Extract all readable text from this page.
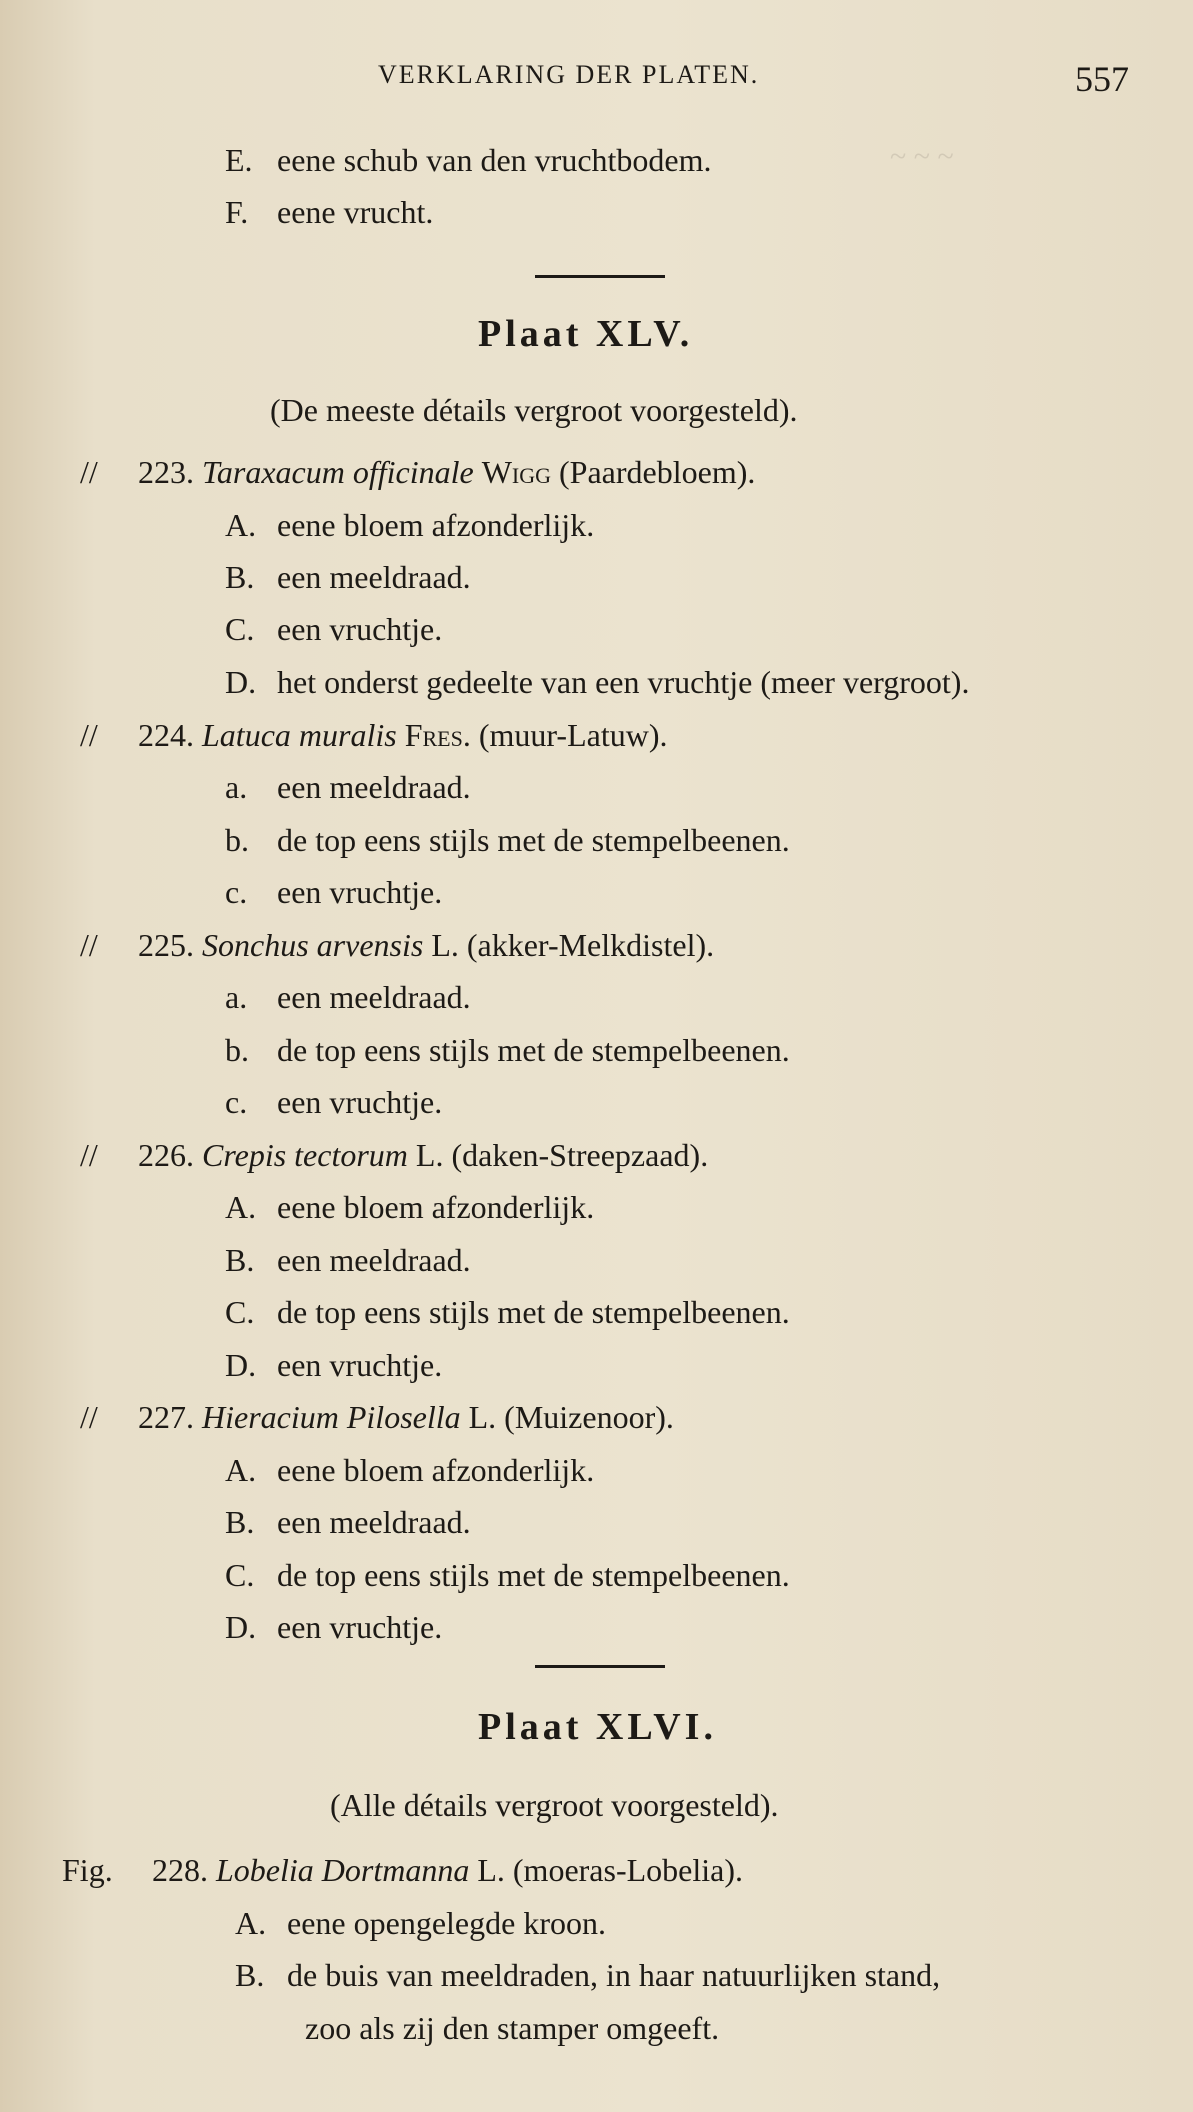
~ ~ ~
VERKLARING DER PLATEN.	557
E. eene schub van den vruchtbodem.
F. eene vrucht.
Plaat XLV.
(De meeste détails vergroot voorgesteld).
// 223. Taraxacum officinale Wigg (Paardebloem).
A. eene bloem afzonderlijk.
B. een meeldraad.
C. een vruchtje.
D. het onderst gedeelte van een vruchtje (meer vergroot).
// 224. Latuca muralis Fres. (muur-Latuw).
a. een meeldraad.
b. de top eens stijls met de stempelbeenen.
c. een vruchtje.
// 225. Sonchus arvensis L. (akker-Melkdistel).
a. een meeldraad.
b. de top eens stijls met de stempelbeenen.
c. een vruchtje.
// 226. Crepis tectorum L. (daken-Streepzaad).
A. eene bloem afzonderlijk.
B. een meeldraad.
C. de top eens stijls met de stempelbeenen.
D. een vruchtje.
// 227. Hieracium Pilosella L. (Muizenoor).
A. eene bloem afzonderlijk.
B. een meeldraad.
C. de top eens stijls met de stempelbeenen.
D. een vruchtje.
Plaat XLVI.
(Alle détails vergroot voorgesteld).
Fig. 228. Lobelia Dortmanna L. (moeras-Lobelia).
A. eene opengelegde kroon.
B. de buis van meeldraden, in haar natuurlijken stand,
zoo als zij den stamper omgeeft.
